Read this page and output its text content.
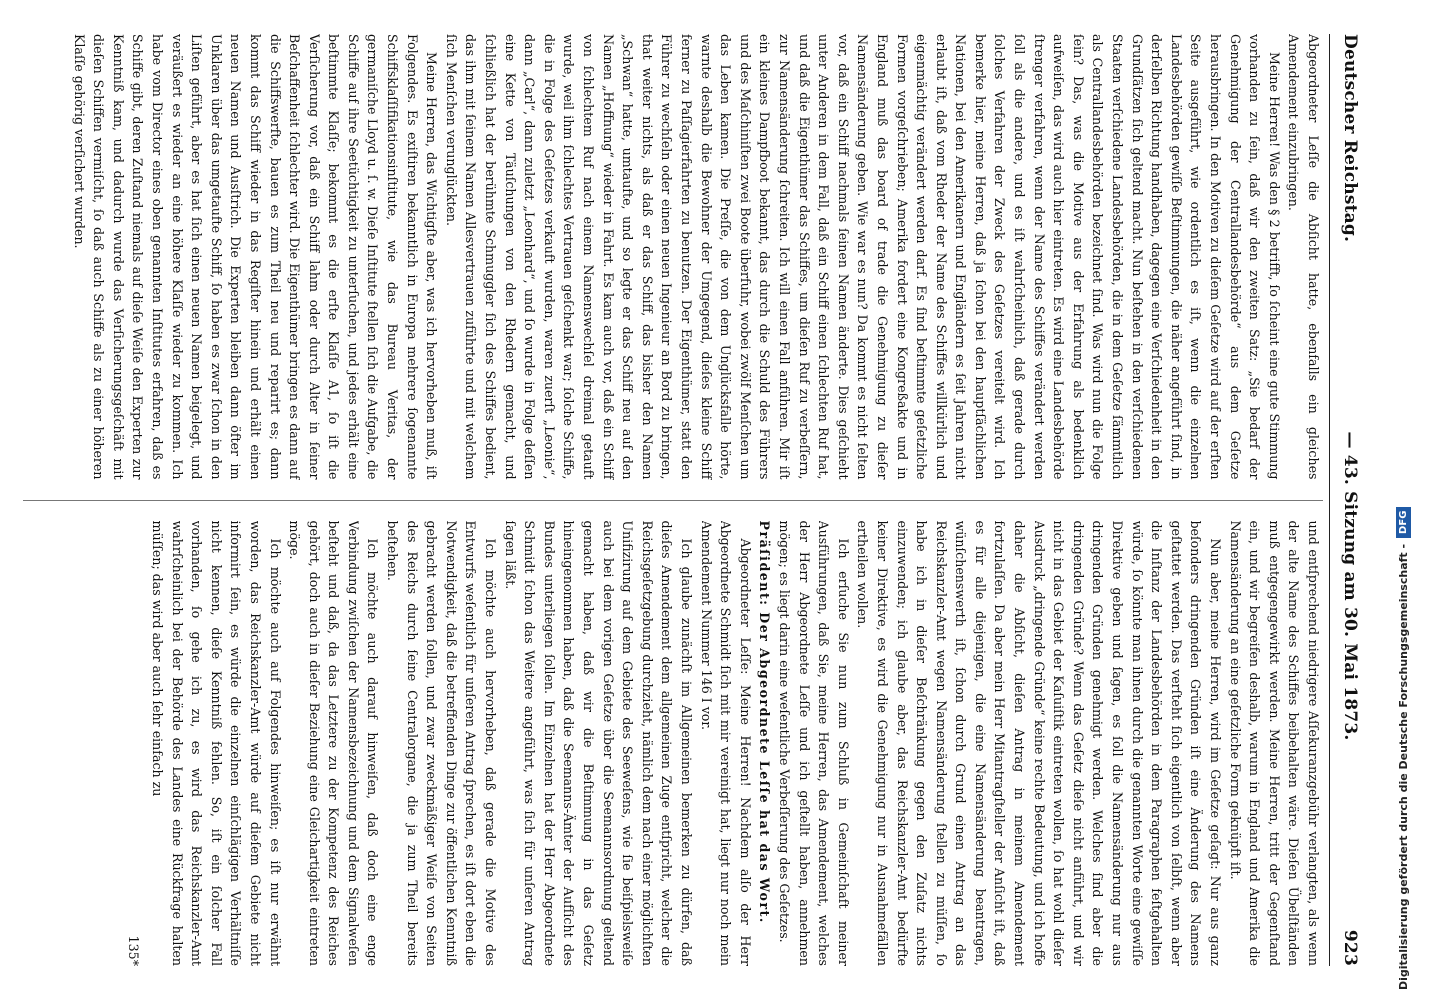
Deutscher Reichstag.
— 43. Sitzung am 30. Mai 1873.
923

Abgeordneter Leſſe die Abſicht hatte, ebenfalls ein gleiches Amendement einzubringen.

Meine Herren! Was den § 2 betrifft, ſo ſcheint eine gute Stimmung vorhanden zu ſein, daß wir den zweiten Satz: „Sie bedarf der Genehmigung der Centrallandesbehörde“ aus dem Geſetze herausbringen. In den Motiven zu dieſem Geſetze wird auf der erſten Seite ausgeführt, wie ordentlich es iſt, wenn die einzelnen Landesbehörden gewiſſe Beſtimmungen, die näher angeführt ſind, in derſelben Richtung handhaben, dagegen eine Verſchiedenheit in den Grundſätzen ſich geltend macht. Nun beſtehen in den verſchiedenen Staaten verſchiedene Landesbehörden, die in dem Geſetze ſämmtlich als Centrallandesbehörden bezeichnet ſind. Was wird nun die Folge ſein? Das, was die Motive aus der Erfahrung als bedenklich aufweiſen, das wird auch hier eintreten. Es wird eine Landesbehörde ſtrenger verfahren, wenn der Name des Schiffes verändert werden ſoll als die andere, und es iſt wahrſcheinlich, daß gerade durch ſolches Verfahren der Zweck des Geſetzes vereitelt wird. Ich bemerke hier, meine Herren, daß ja ſchon bei den hauptſächlichen Nationen, bei den Amerikanern und Engländern es ſeit Jahren nicht erlaubt iſt, daß vom Rheder der Name des Schiffes willkürlich und eigenmächtig verändert werden darf. Es ſind beſtimmte geſetzliche Formen vorgeſchrieben; Amerika fordert eine Kongreßakte und in England muß das board of trade die Genehmigung zu dieſer Namensänderung geben. Wie war es nun? Da kommt es nicht ſelten vor, daß ein Schiff nachmals ſeinen Namen änderte. Dies geſchieht unter Anderen in dem Fall, daß ein Schiff einen ſchlechten Ruf hat, und daß die Eigenthümer das Schiffes, um dieſen Ruf zu verbeſſern, zur Namensänderung ſchreiten. Ich will einen Fall anführen. Mir iſt ein kleines Dampfboot bekannt, das durch die Schuld des Führers und des Maſchiniſten zwei Boote überfuhr, wobei zwölf Menſchen um das Leben kamen. Die Preſſe, die von dem Unglücksfalle hörte, warnte deshalb die Bewohner der Umgegend, dieſes kleine Schiff ferner zu Paſſagierfahrten zu benutzen. Der Eigenthümer, statt den Führer zu wechſeln oder einen neuen Ingenieur an Bord zu bringen, that weiter nichts, als daß er das Schiff, das bisher den Namen „Schwan“ hatte, umtaufte, und so legte er das Schiff neu auf den Namen „Hoffnung“ wieder in Fahrt. Es kam auch vor, daß ein Schiff von ſchlechtem Ruf nach einem Namenswechſel dreimal getauft wurde, weil ihm ſchlechtes Vertrauen geſchenkt war; ſolche Schiffe, die in Folge des Geſetzes verkauft wurden, waren zuerſt „Leonie“, dann „Carl“, dann zuletzt „Leonhard“, und ſo wurde in Folge deſſen eine Kette von Täuſchungen von den Rhedern gemacht, und ſchließlich hat der berühmte Schmuggler ſich des Schiffes bedient, das ihm mit ſeinem Namen Allesvertrauen zuführte und mit welchem ſich Menſchen verunglückten.

Meine Herren, das Wichtigſte aber, was ich hervorheben muß, iſt Folgendes. Es exiſtiren bekanntlich in Europa mehrere ſogenannte Schiffsklaſſifikationsinſtitute, wie das Bureau Veritas, der germaniſche Lloyd u. ſ. w. Dieſe Inſtitute ſtellen ſich die Aufgabe, die Schiffe auf ihre Seetüchtigkeit zu unterſuchen, und jedes erhält eine beſtimmte Klaſſe; bekommt es die erſte Klaſſe A1, ſo iſt die Verſicherung vor, daß ein Schiff lahm oder durch Alter in ſeiner Beſchaffenheit ſchlechter wird. Die Eigenthümer bringen es dann auf die Schiffswerfte, bauen es zum Theil neu und reparirt es; dann kommt das Schiff wieder in das Regiſter hinein und erhält einen neuen Namen und Ausſtrich. Die Experten bleiben dann öfter im Unklaren über das umgetaufte Schiff, ſo haben es zwar ſchon in den Liſten geführt, aber es hat ſich einen neuen Namen beigelegt, und veräußert es wieder an eine höhere Klaſſe wieder zu kommen. Ich habe vom Director eines oben genannten Inſtitutes erfahren, daß es Schiffe gibt, deren Zuſtand niemals auf dieſe Weiſe den Experten zur Kenntniß kam, und dadurch wurde das Verſicherungsgeſchäft mit dieſen Schiffen vermiſcht, ſo daß auch Schiffe als zu einer höheren Klaſſe gehörig verſichert wurden.

und entſprechend niedrigere Aſſekuranzgebühr verlangten, als wenn der alte Name des Schiffes beibehalten wäre. Dieſen Übelſtänden muß entgegengewirkt werden. Meine Herren, tritt der Gegenſtand ein, und wir begreifen deshalb, warum in England und Amerika die Namensänderung an eine geſetzliche Form geknüpft iſt.

Nun aber, meine Herren, wird im Geſetze geſagt: Nur aus ganz beſonders dringenden Gründen iſt eine Änderung des Namens geſtattet werden. Das verſteht ſich eigentlich von ſelbſt, wenn aber die Inſtanz der Landesbehörden in dem Paragraphen feſtgehalten würde, ſo könnte man ihnen durch die genannten Worte eine gewiſſe Direktive geben und ſagen, es ſoll die Namensänderung nur aus dringenden Gründen genehmigt werden. Welches ſind aber die dringenden Gründe? Wenn das Geſetz dieſe nicht anführt, und wir nicht in das Gebiet der Kaſuiſtik eintreten wollen, ſo hat wohl dieſer Ausdruck „dringende Gründe“ keine rechte Bedeutung, und ich hoffe daher die Abſicht, dieſen Antrag in meinem Amendement fortzulaſſen. Da aber mein Herr Mitantragſteller der Anſicht iſt, daß es für alle diejenigen, die eine Namensänderung beantragen, wünſchenswerth iſt, ſchon durch Grund einen Antrag an das Reichskanzler-Amt wegen Namensänderung ſtellen zu müſſen, ſo habe ich in dieſer Beſchränkung gegen den Zuſatz nichts einzuwenden; ich glaube aber, das Reichskanzler-Amt bedürfte keiner Direktive, es wird die Genehmigung nur in Ausnahmefällen ertheilen wollen.

Ich erſuche Sie nun zum Schluß in Gemeinſchaft meiner Ausführungen, daß Sie, meine Herren, das Amendement, welches der Herr Abgeordnete Leſſe und ich geſtellt haben, annehmen mögen; es liegt darin eine weſentliche Verbeſſerung des Geſetzes.

Präſident: Der Abgeordnete Leſſe hat das Wort.

Abgeordneter Leſſe: Meine Herren! Nachdem alſo der Herr Abgeordnete Schmidt ſich mit mir vereinigt hat, liegt nur noch mein Amendement Nummer 146 I vor.

Ich glaube zunächſt im Allgemeinen bemerken zu dürfen, daß dieſes Amendement dem allgemeinen Zuge entſpricht, welcher die Reichsgeſetzgebung durchzieht, nämlich dem nach einer möglichſten Unifizirung auf dem Gebiete des Seeweſens, wie ſie beiſpielsweiſe auch bei dem vorigen Geſetze über die Seemannsordnung geltend gemacht haben, daß wir die Beſtimmung in das Geſetz hineingenommen haben, daß die Seemanns-Ämter der Aufſicht des Bundes unterliegen ſollen. Im Einzelnen hat der Herr Abgeordnete Schmidt ſchon das Weitere angeführt, was ſich für unſeren Antrag ſagen läßt.

Ich möchte auch hervorheben, daß gerade die Motive des Entwurfs weſentlich für unſeren Antrag ſprechen, es iſt dort eben die Notwendigkeit, daß die betreffenden Dinge zur öffentlichen Kenntniß gebracht werden ſollen, und zwar zweckmäßiger Weiſe von Seiten des Reichs durch ſeine Centralorgane, die ja zum Theil bereits beſtehen.

Ich möchte auch darauf hinweiſen, daß doch eine enge Verbindung zwiſchen der Namensbezeichnung und dem Signalweſen beſteht und daß, da das Letztere zu der Kompetenz des Reiches gehört, doch auch in dieſer Beziehung eine Gleichartigkeit eintreten möge.

Ich möchte auch auf Folgendes hinweiſen; es iſt nur erwähnt worden, das Reichskanzler-Amt würde auf dieſem Gebiete nicht informirt ſein, es würde die einzelnen einſchlägigen Verhältniſſe nicht kennen, dieſe Kenntniß fehlen. So, iſt ein ſolcher Fall vorhanden, ſo gehe ich zu, es wird das Reichskanzler-Amt wahrſcheinlich bei der Behörde des Landes eine Rückfrage halten müſſen; das wird aber auch ſehr einfach zu

135*	Digitalisierung gefördert durch die Deutsche Forschungsgemeinschaft -
DFG
